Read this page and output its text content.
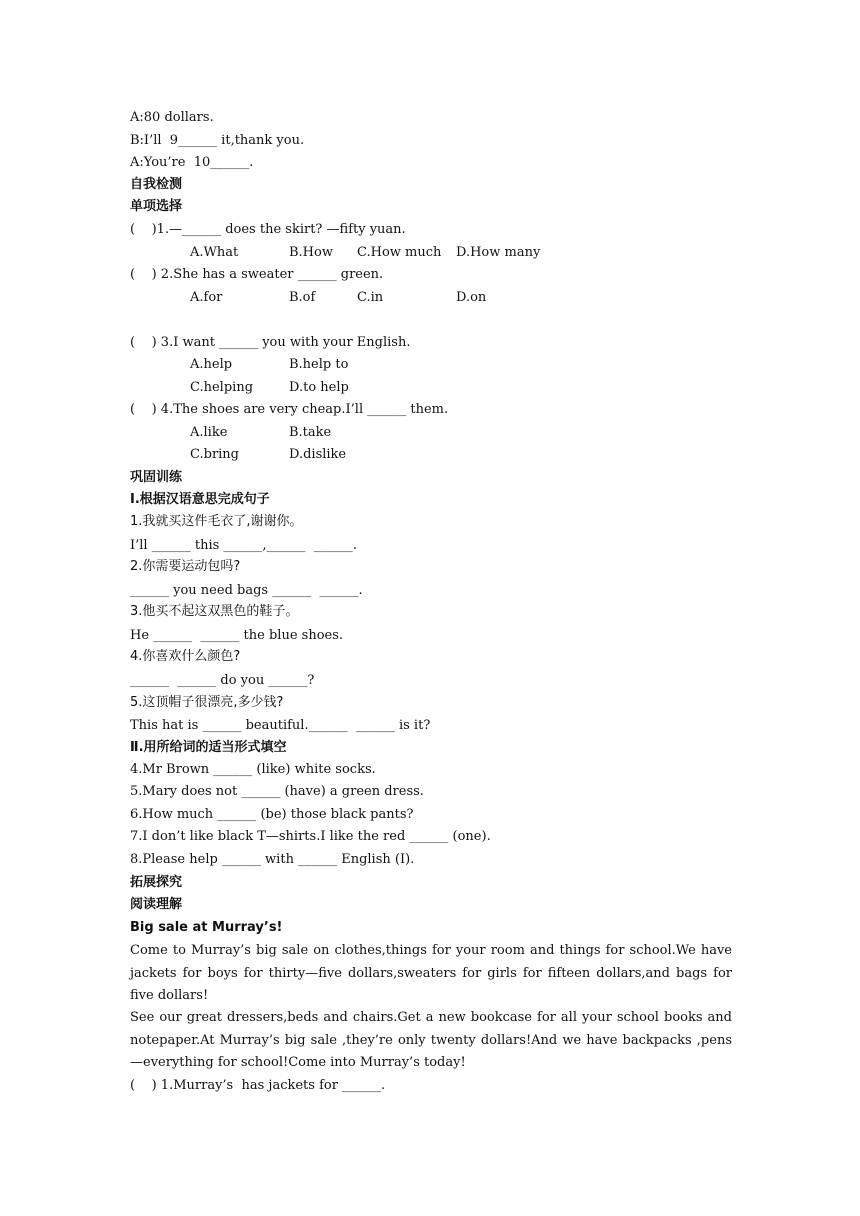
A:80 dollars.
B:I’ll  9______ it,thank you.
A:You’re  10______.
自我检测
单项选择
(    )1.—______ does the skirt? —fifty yuan.
A.What	B.How C.How much D.How many
(    ) 2.She has a sweater ______ green.
A.for	B.of	C.in	D.on
(    ) 3.I want ______ you with your English.
A.help	B.help to
C.helping	D.to help
(    ) 4.The shoes are very cheap.I’ll ______ them.
A.like	B.take
C.bring	D.dislike
巩固训练
Ⅰ.根据汉语意思完成句子
1.我就买这件毛衣了,谢谢你。
I’ll ______ this ______,______  ______.
2.你需要运动包吗?
______ you need bags ______  ______.
3.他买不起这双黑色的鞋子。
He ______  ______ the blue shoes.
4.你喜欢什么颜色?
______  ______ do you ______?
5.这顶帽子很漂亮,多少钱?
This hat is ______ beautiful.______  ______ is it?
Ⅱ.用所给词的适当形式填空
4.Mr Brown ______ (like) white socks.
5.Mary does not ______ (have) a green dress.
6.How much ______ (be) those black pants?
7.I don’t like black T—shirts.I like the red ______ (one).
8.Please help ______ with ______ English (I).
拓展探究
阅读理解
Big sale at Murray’s!
Come to Murray’s big sale on clothes,things for your room and things for school.We have jackets for boys for thirty—five dollars,sweaters for girls for fifteen dollars,and bags for five dollars!
See our great dressers,beds and chairs.Get a new bookcase for all your school books and notepaper.At Murray’s big sale ,they’re only twenty dollars!And we have backpacks ,pens—everything for school!Come into Murray’s today!
(    ) 1.Murray’s  has jackets for ______.
